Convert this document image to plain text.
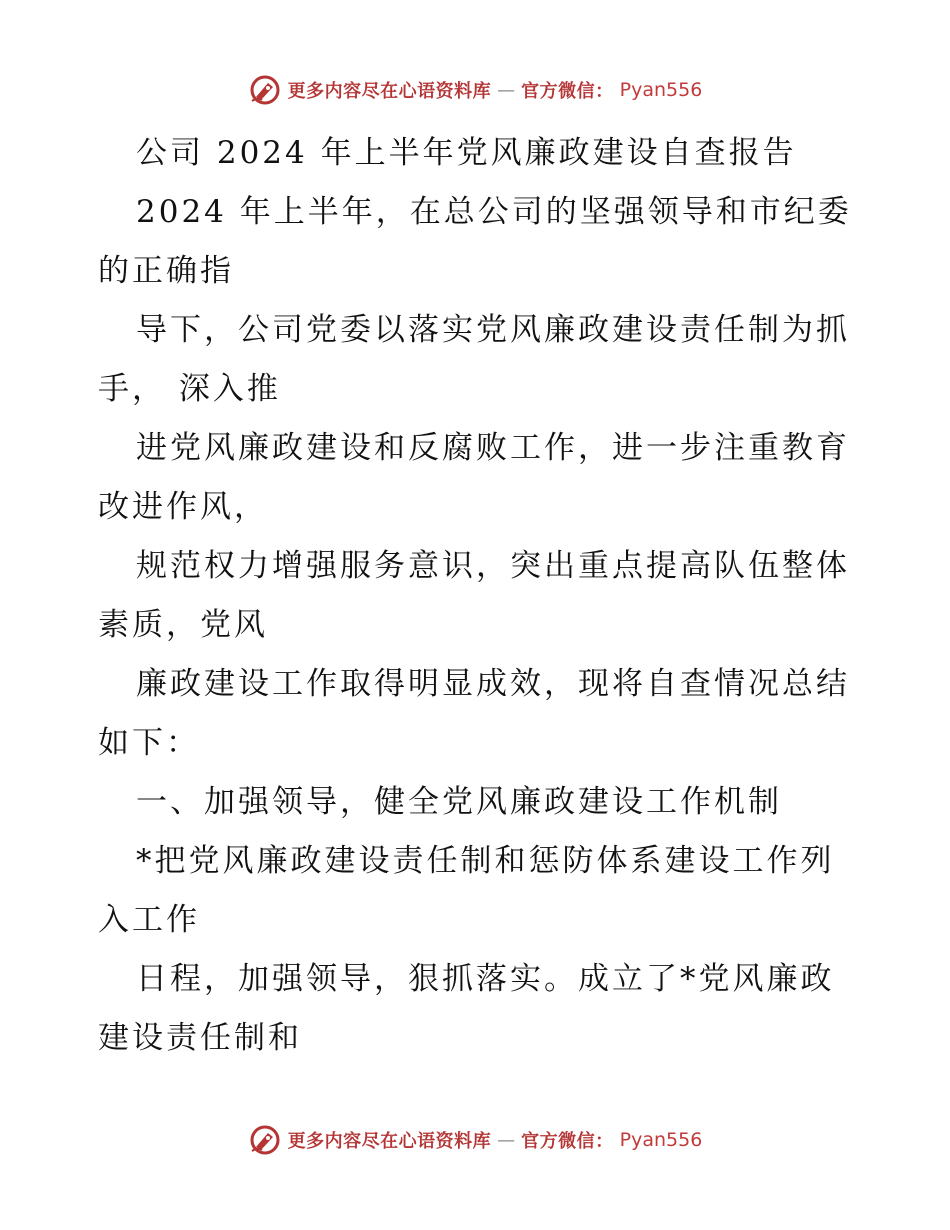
更多内容尽在心语资料库 — 官方微信： Pyan556
公司 2024 年上半年党风廉政建设自查报告
2024 年上半年，在总公司的坚强领导和市纪委
的正确指
导下，公司党委以落实党风廉政建设责任制为抓
手， 深入推
进党风廉政建设和反腐败工作，进一步注重教育
改进作风，
规范权力增强服务意识，突出重点提高队伍整体
素质，党风
廉政建设工作取得明显成效，现将自查情况总结
如下：
一、加强领导，健全党风廉政建设工作机制
*把党风廉政建设责任制和惩防体系建设工作列
入工作
日程，加强领导，狠抓落实。成立了*党风廉政
建设责任制和
更多内容尽在心语资料库 — 官方微信： Pyan556
